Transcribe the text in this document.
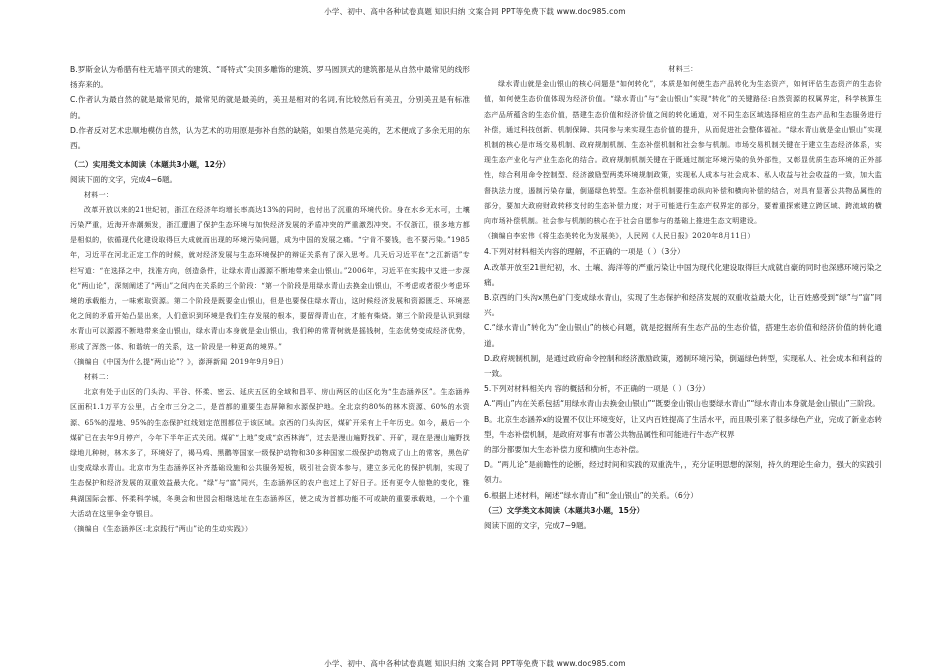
小学、初中、高中各种试卷真题 知识归纳 文案合同 PPT等免费下载 www.doc985.com

B.罗斯金认为希腊有柱无墙平顶式的建筑、“哥特式”尖顶多雕饰的建筑、罗马圆顶式的建筑都是从自然中最常见的线形扬弃来的。

C.作者认为最自然的就是最常见的，最常见的就是最美的，美丑是相对的名词,有比较然后有美丑，分别美丑是有标准的。

D.作者反对艺术忠顺地模仿自然，认为艺术的功用原是弥补自然的缺陷，如果自然是完美的，艺术便成了多余无用的东西。

（二）实用类文本阅读（本题共3小题，12分）

阅读下面的文字，完成4~6题。

材料一：

改革开放以来的21世纪初，浙江在经济年均增长率高达13%的同时，也付出了沉重的环境代价。身在水乡无水可，土壤污染严重，近海开赤潮频发，浙江遭遇了保护生态环境与加快经济发展的矛盾冲突的严重激烈冲突。不仅浙江，很多地方都是相似的，依循现代化建设取得巨大成就而出现的环境污染问题，成为中国的发展之痛。“宁肯不要钱，也不要污染。”1985年，习近平在河北正定工作的时候，就对经济发展与生态环境保护的辩证关系有了深入思考。几天后习近平在“之江新语”专栏写道：“在选择之中，找准方向，创造条件，让绿水青山源源不断地带来金山银山。”2006年，习近平在实践中又进一步深化“两山论”，深刻阐述了“两山”之间内在关系的三个阶段：“第一个阶段是用绿水青山去换金山银山，不考虑或者很少考虑环境的承载能力，一味索取资源。第二个阶段是既要金山银山，但是也要保住绿水青山，这时候经济发展和资源匮乏、环境恶化之间的矛盾开始凸显出来，人们意识到环境是我们生存发展的根本，要留得青山在，才能有柴烧。第三个阶段是认识到绿水青山可以源源不断地带来金山银山，绿水青山本身就是金山银山，我们种的常青树就是摇钱树，生态优势变成经济优势，形成了浑然一体、和谐统一的关系，这一阶段是一种更高的境界。”

（摘编自《中国为什么提“两山论”？》，澎湃新闻 2019年9月9日）

材料二：

北京有处于山区的门头沟、平谷、怀柔、密云、延庆五区的全域和昌平、房山两区的山区化为“生态涵养区”。生态涵养区面积1.1万平方公里，占全市三分之二，是首都的重要生态屏障和水源保护地。全北京约80%的林木资源、60%的水资源、65%的湿地、95%的生态保护红线划定范围都位于该区域。京西的门头沟区，煤矿开采有上千年历史。如今，最后一个煤矿已在去年9月停产，今年下半年正式关闭。煤矿“上地”变成“京西林海”，过去是漫山遍野找矿、开矿，现在是漫山遍野找绿地儿种树，林木多了，环境好了，褐马鸡、黑鹳等国家一级保护动物和30多种国家二级保护动物成了山上的常客，黑色矿山变成绿水青山。北京市为生态涵养区补齐基础设施和公共服务短板，吸引社会资本参与，建立多元化的保护机制，实现了生态保护和经济发展的双重效益最大化。“绿”与“富”同兴，生态涵养区的农户也过上了好日子。还有更令人惊艳的变化，雅典湖国际会都、怀柔科学城，冬奥会和世园会相继选址在生态涵养区，使之成为首都功能不可或缺的重要承载地，一个个重大活动在这里争金夺银目。

（摘编自《生态涵养区:北京践行“两山”论的生动实践》）

材料三：

绿水青山就是金山银山的核心问题是“如何转化”，本质是如何使生态产品转化为生态资产，如何评估生态资产的生态价值，如何使生态价值体现为经济价值。“绿水青山”与“金山银山”实现“转化”的关键路径:自然资源的权属界定，科学核算生态产品所蕴含的生态价值，搭建生态价值和经济价值之间的转化通道，对不同生态区域选择相应的生态产品和生态服务进行补偿，通过科技创新、机制保障、共同参与来实现生态价值的提升，从而促进社会整体福祉。“绿水青山就是金山银山”实现机制的核心是市场交易机制、政府规制机制、生态补偿机制和社会参与机制。市场交易机制关键在于建立生态经济体系，实现生态产业化与产业生态化的结合。政府规制机制关键在于既通过制定环境污染的负外部性，又彰显优质生态环境的正外部性，综合利用命令控制型、经济激励型两类环境规制政策，实现私人成本与社会成本、私人收益与社会收益的一致，加大监督执法力度，遏制污染存量，倒逼绿色转型。生态补偿机制要推动纵向补偿和横向补偿的结合，对具有显著公共物品属性的部分，要加大政府财政转移支付的生态补偿力度；对于可能进行生态产权界定的部分，要着重探索建立跨区域、跨流域的横向市场补偿机制。社会参与机制的核心在于社会自愿参与的基础上推进生态文明建设。

（摘编自李宏伟《将生态美转化为发展美》，人民网《人民日报》2020年8月11日）

4.下列对材料相关内容的理解，不正确的一项是（ ）（3分）

A.改革开放至21世纪初，水、土壤、海洋等的严重污染让中国为现代化建设取得巨大成就自豪的同时也深感环境污染之痛。

B.京西的门头沟x黑色矿门变成绿水青山，实现了生态保护和经济发展的双重收益最大化，让百姓感受到“绿”与“富”同兴。

C.“绿水青山”转化为“金山银山”的核心问题，就是挖掘所有生态产品的生态价值，搭建生态价值和经济价值的转化通道。

D.政府规制机制，是通过政府命令控制和经济激励政策，遏制环境污染，倒逼绿色转型，实现私人、社会成本和利益的一致。

5.下列对材料相关内 容的概括和分析，不正确的一项是（ ）（3分）

A.“两山”内在关系包括“用绿水青山去换金山银山”“既要金山银山也要绿水青山”“绿水青山本身就是金山银山”三阶段。

B。北京生态涵养x的设置不仅让环境变好，让又内百姓提高了生活水平，而且吸引来了很多绿色产业，完成了新业态转型，牛态补偿机制，是政府对事有市著公共物品属性和可能进行牛态产权界

的部分都要加大生态补偿力度和横向生态补偿。

D。“两儿论”是前瞻性的论断，经过时间和实践的双重洗牛，，充分证明思想的深刻，持久的理论生命力，强大的实践引领力。

6.根据上述材料，阐述“绿水青山”和“金山银山”的关系。（6分）

（三）文学类文本阅读（本题共3小题，15分）

阅读下面的文字，完成7~9题。

小学、初中、高中各种试卷真题 知识归纳 文案合同 PPT等免费下载 www.doc985.com
